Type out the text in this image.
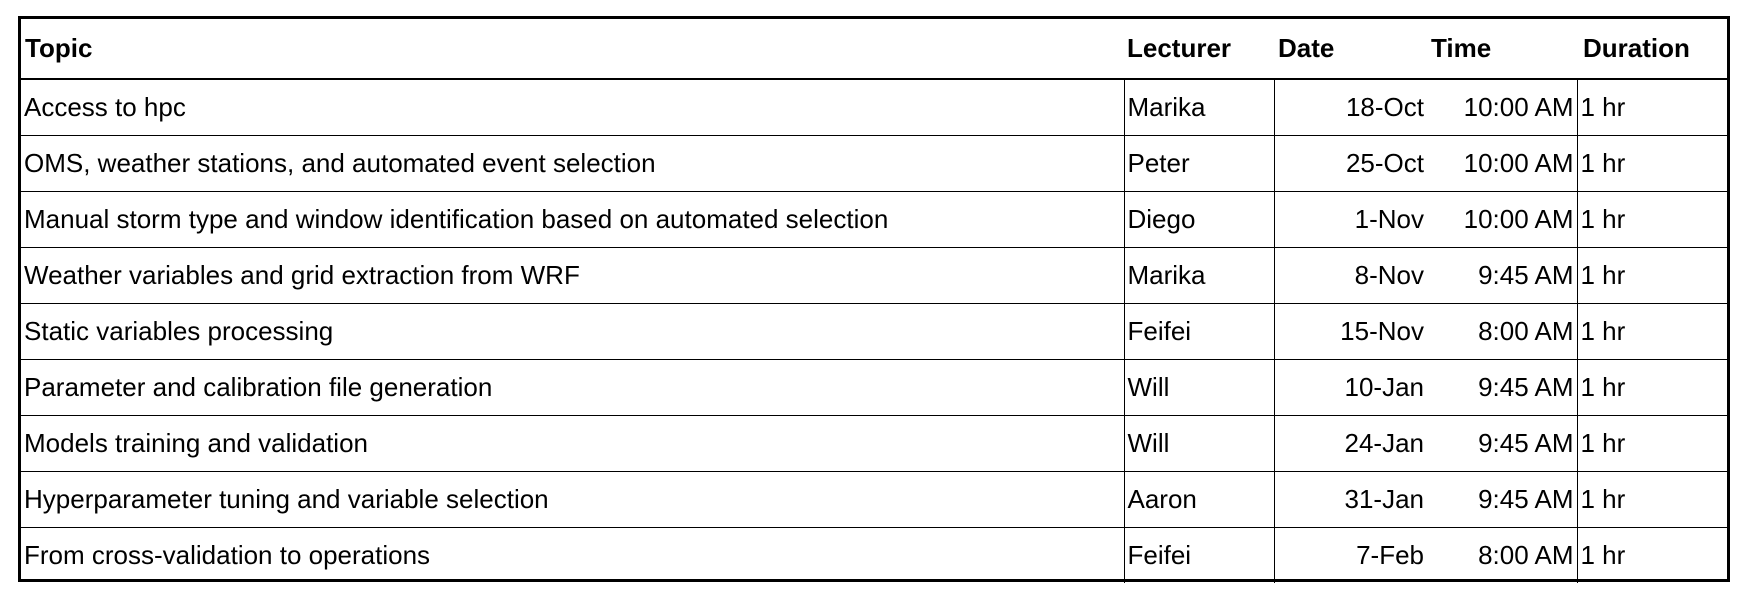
Topic	Lecturer	Date	Time	Duration
Access to hpc	Marika	18-Oct	10:00 AM	1 hr
OMS, weather stations, and automated event selection	Peter	25-Oct	10:00 AM	1 hr
Manual storm type and window identification based on automated selection	Diego	1-Nov	10:00 AM	1 hr
Weather variables and grid extraction from WRF	Marika	8-Nov	9:45 AM	1 hr
Static variables processing	Feifei	15-Nov	8:00 AM	1 hr
Parameter and calibration file generation	Will	10-Jan	9:45 AM	1 hr
Models training and validation	Will	24-Jan	9:45 AM	1 hr
Hyperparameter tuning and variable selection	Aaron	31-Jan	9:45 AM	1 hr
From cross-validation to operations	Feifei	7-Feb	8:00 AM	1 hr
